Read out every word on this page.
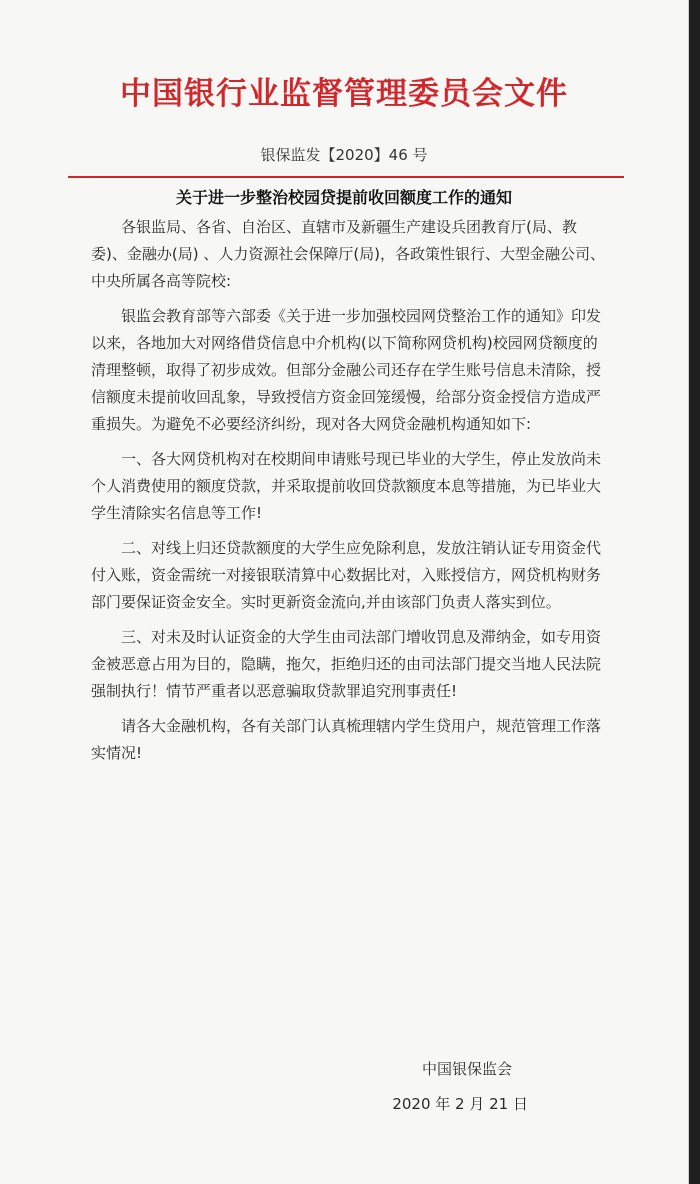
中国银行业监督管理委员会文件
银保监发【2020】46 号
关于进一步整治校园贷提前收回额度工作的通知

各银监局、各省、自治区、直辖市及新疆生产建设兵团教育厅(局、教委)、金融办(局) 、人力资源社会保障厅(局)，各政策性银行、大型金融公司、中央所属各高等院校:

银监会教育部等六部委《关于进一步加强校园网贷整治工作的通知》印发以来，各地加大对网络借贷信息中介机构(以下简称网贷机构)校园网贷额度的清理整顿，取得了初步成效。但部分金融公司还存在学生账号信息未清除，授信额度未提前收回乱象，导致授信方资金回笼缓慢，给部分资金授信方造成严重损失。为避免不必要经济纠纷，现对各大网贷金融机构通知如下:

一、各大网贷机构对在校期间申请账号现已毕业的大学生，停止发放尚未个人消费使用的额度贷款，并采取提前收回贷款额度本息等措施，为已毕业大学生清除实名信息等工作!

二、对线上归还贷款额度的大学生应免除利息，发放注销认证专用资金代付入账，资金需统一对接银联清算中心数据比对，入账授信方，网贷机构财务部门要保证资金安全。实时更新资金流向,并由该部门负责人落实到位。

三、对未及时认证资金的大学生由司法部门增收罚息及滞纳金，如专用资金被恶意占用为目的，隐瞒，拖欠，拒绝归还的由司法部门提交当地人民法院强制执行！情节严重者以恶意骗取贷款罪追究刑事责任!

请各大金融机构，各有关部门认真梳理辖内学生贷用户，规范管理工作落实情况!

中国银保监会
2020 年 2 月 21 日
